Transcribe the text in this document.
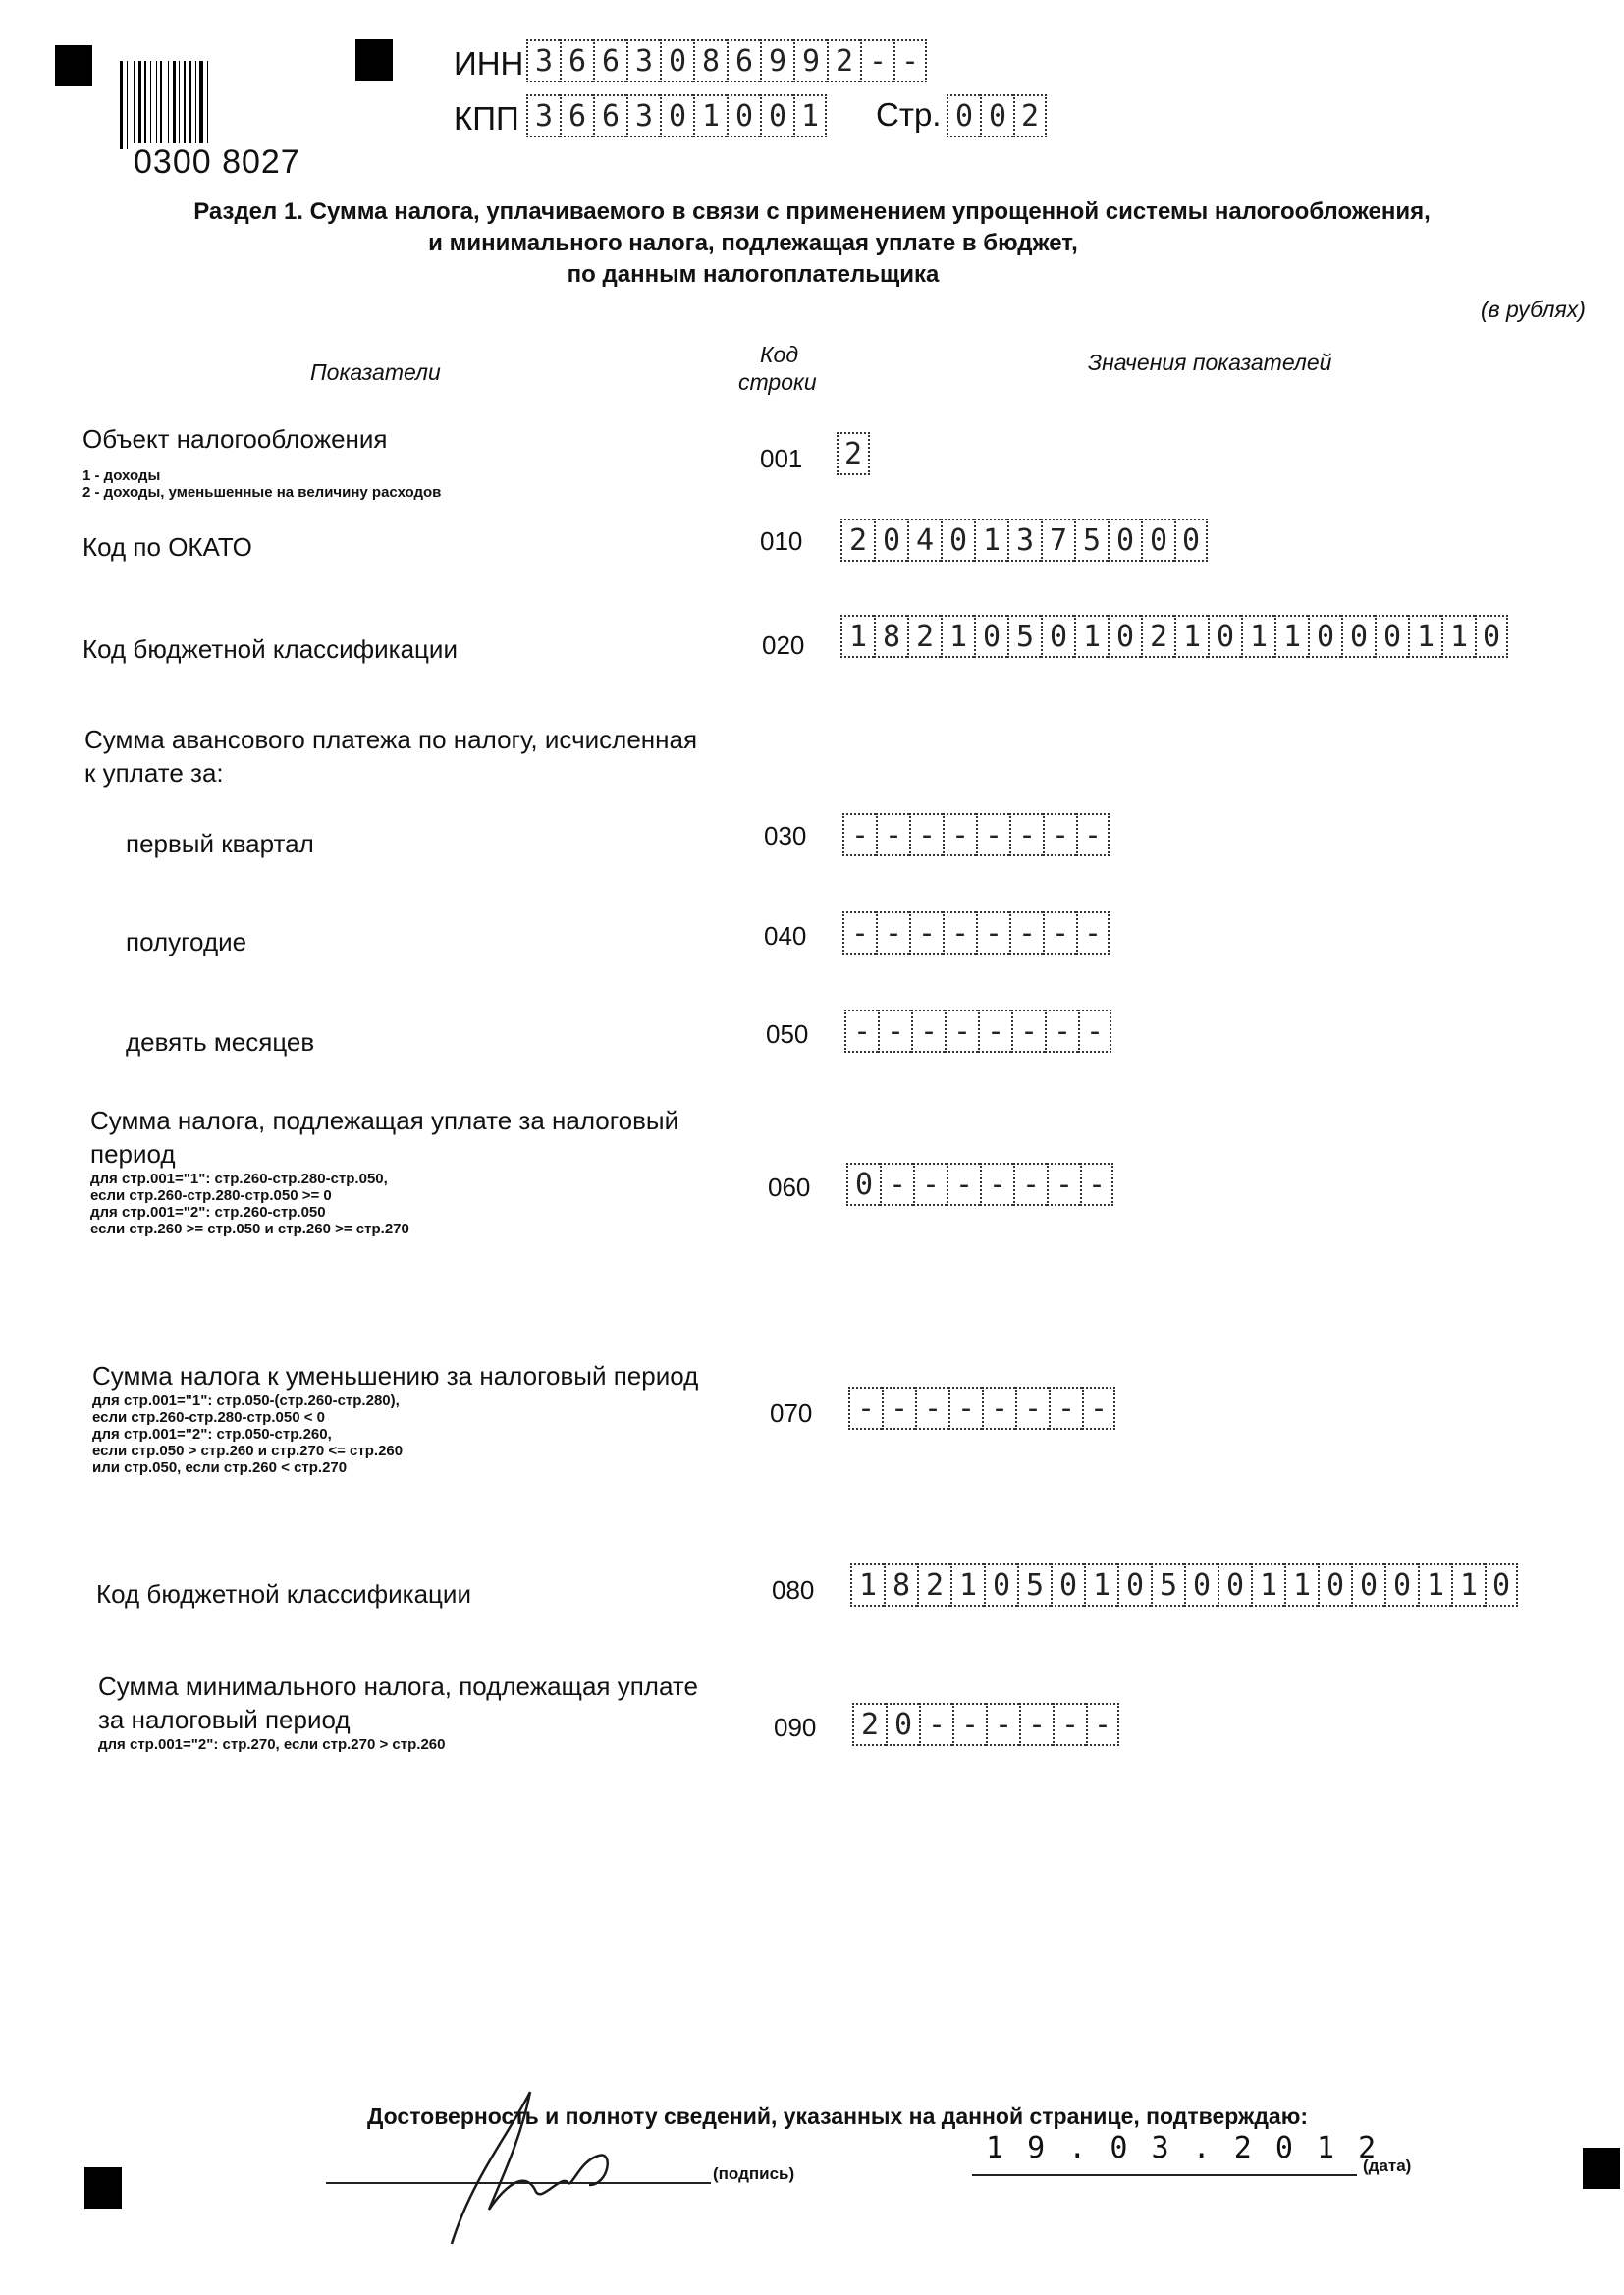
0300 8027
ИНН 3 6 6 3 0 8 6 9 9 2 - -
КПП 3 6 6 3 0 1 0 0 1 Стр. 0 0 2
Раздел 1. Сумма налога, уплачиваемого в связи с применением упрощенной системы налогообложения,
и минимального налога, подлежащая уплате в бюджет,
по данным налогоплательщика
(в рублях)
Показатели
Код
строки
Значения показателей
Объект налогообложения
1 - доходы
2 - доходы, уменьшенные на величину расходов
001 2
Код по ОКАТО	010 2 0 4 0 1 3 7 5 0 0 0
Код бюджетной классификации	020 1 8 2 1 0 5 0 1 0 2 1 0 1 1 0 0 0 1 1 0
Сумма авансового платежа по налогу, исчисленная
к уплате за:
первый квартал	030 - - - - - - - -
полугодие	040 - - - - - - - -
девять месяцев	050 - - - - - - - -
Сумма налога, подлежащая уплате за налоговый
период
для стр.001="1": стр.260-стр.280-стр.050,
если стр.260-стр.280-стр.050 >= 0
для стр.001="2": стр.260-стр.050
если стр.260 >= стр.050 и стр.260 >= стр.270
060 0 - - - - - - -
Сумма налога к уменьшению за налоговый период
для стр.001="1": стр.050-(стр.260-стр.280),
если стр.260-стр.280-стр.050 < 0
для стр.001="2": стр.050-стр.260,
если стр.050 > стр.260 и стр.270 <= стр.260
или стр.050, если стр.260 < стр.270
070 - - - - - - - -
Код бюджетной классификации	080 1 8 2 1 0 5 0 1 0 5 0 0 1 1 0 0 0 1 1 0
Сумма минимального налога, подлежащая уплате
за налоговый период
для стр.001="2": стр.270, если стр.270 > стр.260
090 2 0 - - - - - -
Достоверность и полноту сведений, указанных на данной странице, подтверждаю:
(подпись)
1 9 . 0 3 . 2 0 1 2
(дата)
